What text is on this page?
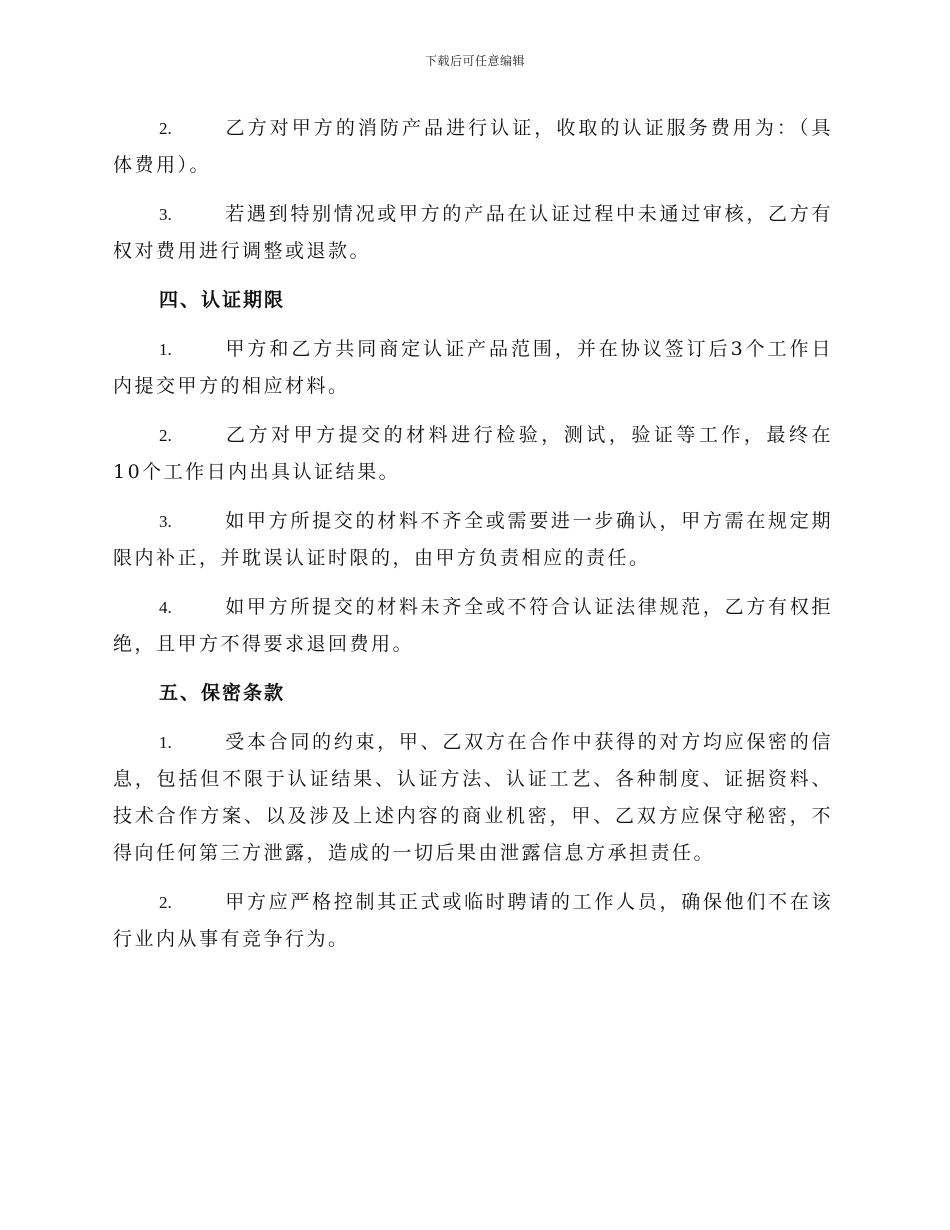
下载后可任意编辑

2.	乙方对甲方的消防产品进行认证，收取的认证服务费用为：（具体费用）。

3.	若遇到特别情况或甲方的产品在认证过程中未通过审核，乙方有权对费用进行调整或退款。

四、认证期限

1.	甲方和乙方共同商定认证产品范围，并在协议签订后3个工作日内提交甲方的相应材料。

2.	乙方对甲方提交的材料进行检验，测试，验证等工作，最终在10个工作日内出具认证结果。

3.	如甲方所提交的材料不齐全或需要进一步确认，甲方需在规定期限内补正，并耽误认证时限的，由甲方负责相应的责任。

4.	如甲方所提交的材料未齐全或不符合认证法律规范，乙方有权拒绝，且甲方不得要求退回费用。

五、保密条款

1.	受本合同的约束，甲、乙双方在合作中获得的对方均应保密的信息，包括但不限于认证结果、认证方法、认证工艺、各种制度、证据资料、技术合作方案、以及涉及上述内容的商业机密，甲、乙双方应保守秘密，不得向任何第三方泄露，造成的一切后果由泄露信息方承担责任。

2.	甲方应严格控制其正式或临时聘请的工作人员，确保他们不在该行业内从事有竞争行为。
